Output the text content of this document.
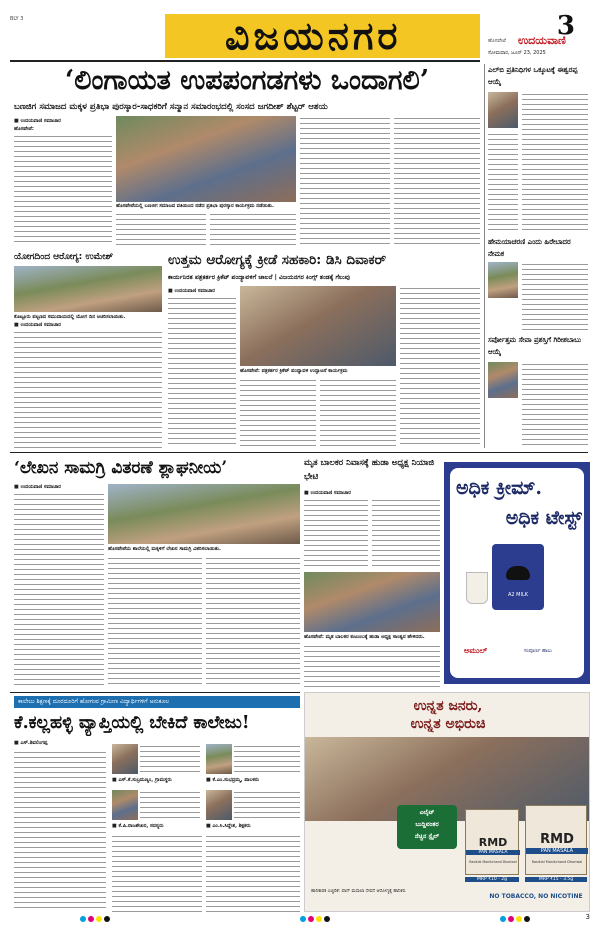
BLY 3	ವಿಜಯನಗರ	3
ಹೊಸಪೇಟೆ	ಉದಯವಾಣಿ
ಸೋಮವಾರ, ಜೂನ್ 23, 2025
‘ಲಿಂಗಾಯತ ಉಪಪಂಗಡಗಳು ಒಂದಾಗಲಿ’
ಬಣಜಿಗ ಸಮಾಜದ ಮಕ್ಕಳ ಪ್ರತಿಭಾ ಪುರಸ್ಕಾರ-ಸಾಧಕರಿಗೆ ಸನ್ಮಾನ ಸಮಾರಂಭದಲ್ಲಿ ಸಂಸದ ಜಗದೀಶ್ ಶೆಟ್ಟರ್ ಆಶಯ
■ ಉದಯವಾಣಿ ಸಮಾಚಾರ
ಹೊಸಪೇಟೆ:
ಹೊಸಪೇಟೆಯಲ್ಲಿ ಬಣಜಿಗ ಸಮಾಜದ ವತಿಯಿಂದ ನಡೆದ ಪ್ರತಿಭಾ ಪುರಸ್ಕಾರ ಕಾರ್ಯಕ್ರಮ ನಡೆಯಿತು.
ಯೋಗದಿಂದ ಆರೋಗ್ಯ: ಉಮೇಶ್
ಕೊಟ್ಟೂರು ಪಟ್ಟಣದ ಸಮುದಾಯದಲ್ಲಿ ಯೋಗ ದಿನ ಆಚರಿಸಲಾಯಿತು.
■ ಉದಯವಾಣಿ ಸಮಾಚಾರ
ಉತ್ತಮ ಆರೋಗ್ಯಕ್ಕೆ ಕ್ರೀಡೆ ಸಹಕಾರಿ: ಡಿಸಿ ದಿವಾಕರ್
ಕಾರ್ಯನಿರತ ಪತ್ರಕರ್ತರ ಕ್ರಿಕೆಟ್ ಪಂದ್ಯಾವಳಿಗೆ ಚಾಲನೆ | ವಿಜಯನಗರ ಕಿಂಗ್ಸ್ ತಂಡಕ್ಕೆ ಗೆಲುವು
■ ಉದಯವಾಣಿ ಸಮಾಚಾರ
ಹೊಸಪೇಟೆ: ಪತ್ರಕರ್ತರ ಕ್ರಿಕೆಟ್ ಪಂದ್ಯಾವಳಿ ಉದ್ಘಾಟನೆ ಕಾರ್ಯಕ್ರಮ
ಎಲ್‌ಬಿ ಪ್ರತಿನಿಧಿಗಳ ಒಕ್ಕೂಟಕ್ಕೆ ಈಶ್ವರಪ್ಪ ಆಯ್ಕೆ
ಹೇಮಯಾಚರಣಿ ಎಂದು ಹಿರೇಬಾದರ ನೇಮಕ
ಸರ್ವೋತ್ತಮ ಸೇವಾ ಪ್ರಶಸ್ತಿಗೆ ಗಿರೀಶಬಾಬು ಆಯ್ಕೆ
‘ಲೇಖನ ಸಾಮಗ್ರಿ ವಿತರಣೆ ಶ್ಲಾಘನೀಯ’
■ ಉದಯವಾಣಿ ಸಮಾಚಾರ
ಹೊಸಪೇಟೆಯ ಶಾಲೆಯಲ್ಲಿ ಮಕ್ಕಳಿಗೆ ಲೇಖನ ಸಾಮಗ್ರಿ ವಿತರಿಸಲಾಯಿತು.
ಮೃತ ಬಾಲಕರ ನಿವಾಸಕ್ಕೆ ಹುಡಾ ಅಧ್ಯಕ್ಷ ನಿಯಾಜಿ ಭೇಟಿ
■ ಉದಯವಾಣಿ ಸಮಾಚಾರ
ಹೊಸಪೇಟೆ: ಮೃತ ಬಾಲಕರ ಕುಟುಂಬಕ್ಕೆ ಹುಡಾ ಅಧ್ಯಕ್ಷ ಸಾಂತ್ವನ ಹೇಳಿದರು.
ಅಧಿಕ ಕ್ರೀಮ್.
ಅಧಿಕ ಟೇಸ್ಟ್
A2 MILK
ಅಮುಲ್	ಸಂಪೂರ್ಣ ಹಾಲು
ಕಾಲೇಜು ಶಿಕ್ಷಣಕ್ಕೆ ದೂರದೂರಿಗೆ ಹೋಗುವ ಗ್ರಾಮೀಣ ವಿದ್ಯಾರ್ಥಿಗಳಿಗೆ ಅನುಕೂಲ
ಕೆ.ಕಲ್ಲಹಳ್ಳಿ ವ್ಯಾಪ್ತಿಯಲ್ಲಿ ಬೇಕಿದೆ ಕಾಲೇಜು!
■ ಎಸ್.ಶಿವಲಿಂಗಪ್ಪ
■ ಎಸ್.ಕೆ.ಸುಬ್ರಮಣ್ಯಂ, ಗ್ರಾಮಸ್ಥರು	■ ಕೆ.ಎಂ.ಸುಭದ್ರಮ್ಮ, ಪಾಲಕರು
■ ಕೆ.ಪಿ.ರಾಜಶೇಖರ, ಸದಸ್ಯರು	■ ಎಂ.ಸಿ.ಸಿದ್ದೇಶ, ಶಿಕ್ಷಕರು
ಉನ್ನತ ಜನರು,
ಉನ್ನತ ಅಭಿರುಚಿ
ಎಲೈಟ್
ಬುದ್ದಿವಂತರ
ನೆಚ್ಚಿನ ಸ್ಟೈಲ್	RMD
PAN MASALA
Rasiklal Manikchand Dhariwal
RMD
PAN MASALA
Rasiklal Manikchand Dhariwal
MRP ₹10 - 2g	MRP ₹15 - 3.5g
ಹಾನಿಕಾರಕ ಎಚ್ಚರಿಕೆ: ಪಾನ್ ಮಸಾಲಾ ಸೇವನೆ ಆರೋಗ್ಯಕ್ಕೆ ಹಾನಿಕರ.
NO TOBACCO, NO NICOTINE
3
